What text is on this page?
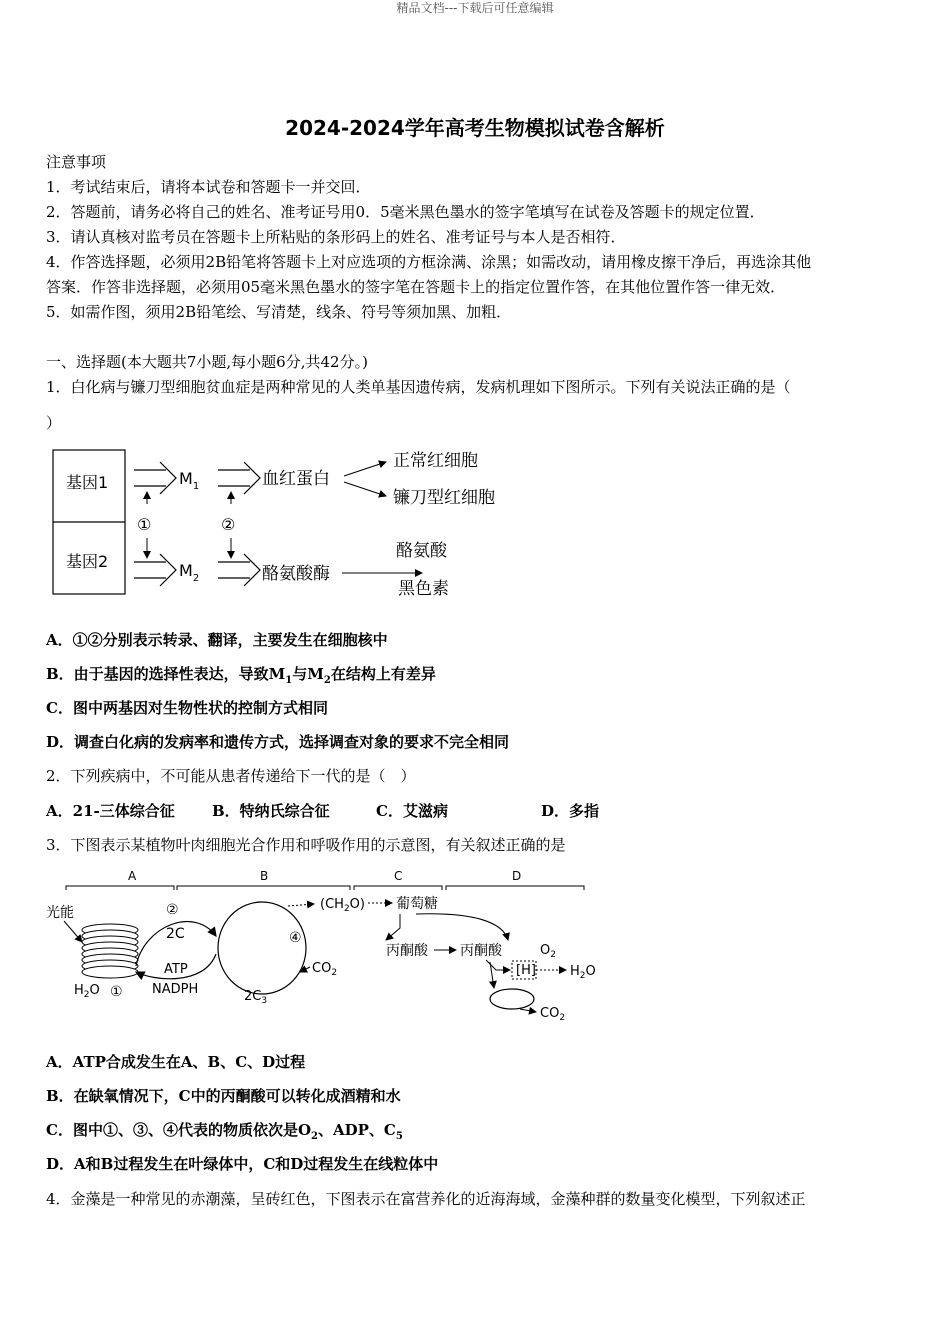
精品文档---下载后可任意编辑
2024-2024学年高考生物模拟试卷含解析
注意事项
1．考试结束后，请将本试卷和答题卡一并交回．
2．答题前，请务必将自己的姓名、准考证号用0．5毫米黑色墨水的签字笔填写在试卷及答题卡的规定位置．
3．请认真核对监考员在答题卡上所粘贴的条形码上的姓名、准考证号与本人是否相符．
4．作答选择题，必须用2B铅笔将答题卡上对应选项的方框涂满、涂黑；如需改动，请用橡皮擦干净后，再选涂其他
答案．作答非选择题，必须用05毫米黑色墨水的签字笔在答题卡上的指定位置作答，在其他位置作答一律无效．
5．如需作图，须用2B铅笔绘、写清楚，线条、符号等须加黑、加粗．
一、选择题(本大题共7小题,每小题6分,共42分。)
1．白化病与镰刀型细胞贫血症是两种常见的人类单基因遗传病，发病机理如下图所示。下列有关说法正确的是（
）
基因1
基因2
$M_1$
$M_2$
①	②
血红蛋白
正常红细胞
镰刀型红细胞
酪氨酸酶
酪氨酸
黑色素
A．①②分别表示转录、翻译，主要发生在细胞核中
B．由于基因的选择性表达，导致$M_1$与$M_2$在结构上有差异
C．图中两基因对生物性状的控制方式相同
D．调查白化病的发病率和遗传方式，选择调查对象的要求不完全相同
2．下列疾病中，不可能从患者传递给下一代的是（　）
A．21-三体综合征 B．特纳氏综合征	C．艾滋病	D．多指
3．下图表示某植物叶肉细胞光合作用和呼吸作用的示意图，有关叙述正确的是
A	B	C	D
光能
$H_2O$ ①
ATP
NADPH
②
2C	④
$CO_2$
$2C_3$
$(CH_2O)$ 葡萄糖
丙酮酸 丙酮酸
[H]
$O_2$
$H_2O$
$CO_2$
A．ATP合成发生在A、B、C、D过程
B．在缺氧情况下，C中的丙酮酸可以转化成酒精和水
C．图中①、③、④代表的物质依次是$O_2$、ADP、$C_5$
D．A和B过程发生在叶绿体中，C和D过程发生在线粒体中
4．金藻是一种常见的赤潮藻，呈砖红色，下图表示在富营养化的近海海域，金藻种群的数量变化模型，下列叙述正
